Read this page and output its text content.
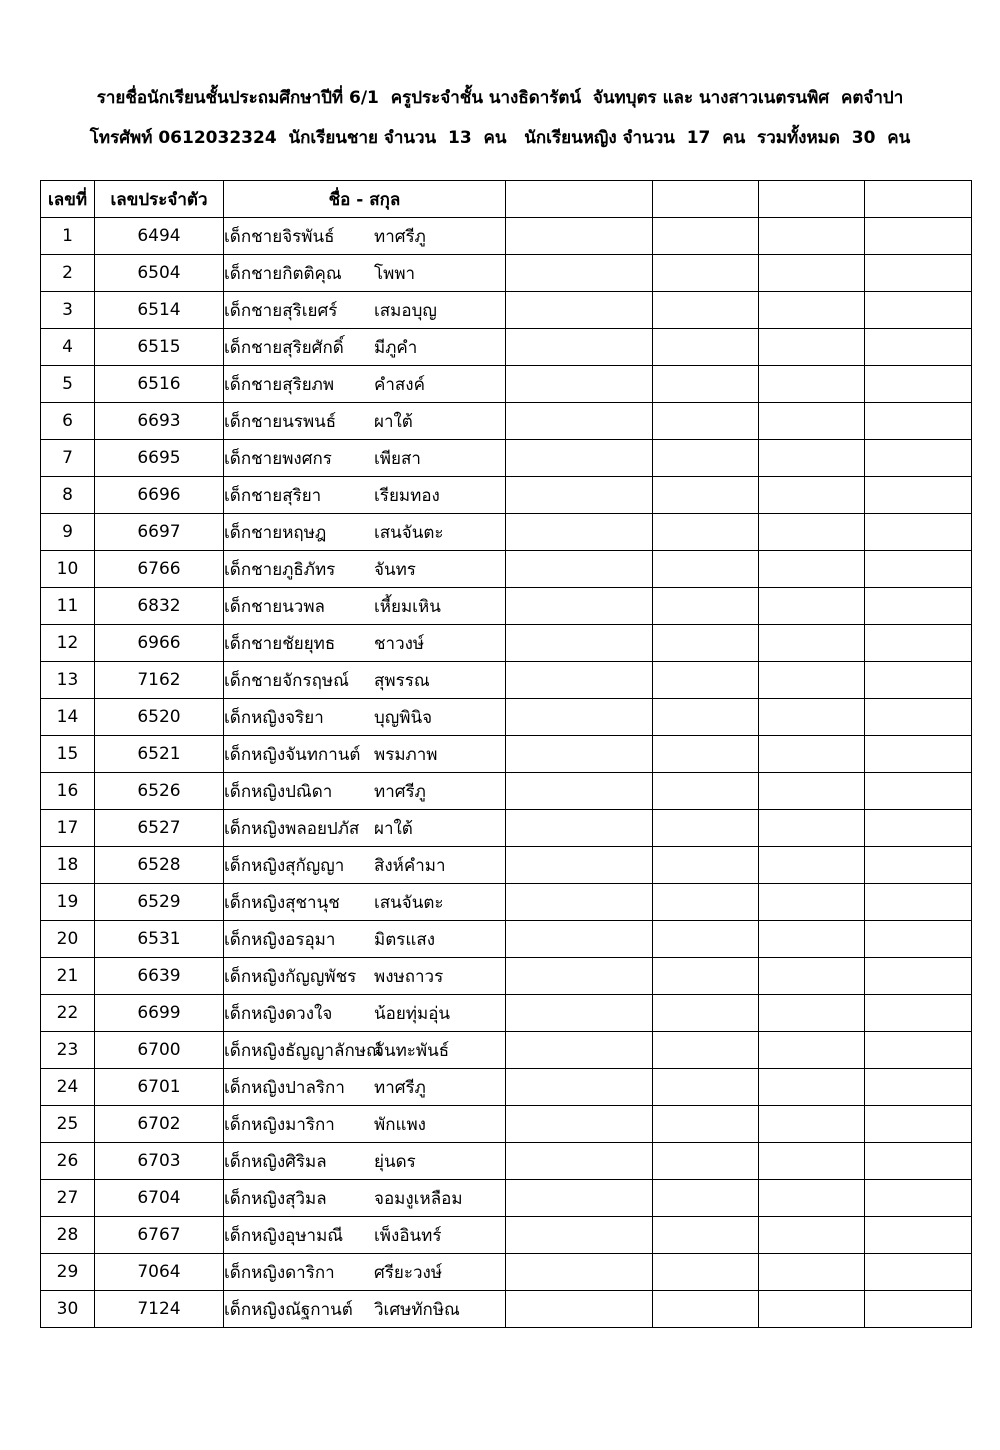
รายชื่อนักเรียนชั้นประถมศึกษาปีที่ 6/1  ครูประจำชั้น นางธิดารัตน์  จันทบุตร และ นางสาวเนตรนพิศ  คตจำปา
โทรศัพท์ 0612032324  นักเรียนชาย จำนวน  13  คน   นักเรียนหญิง จำนวน  17  คน  รวมทั้งหมด  30  คน
เลขที่	เลขประจำตัว	ชื่อ - สกุล				
1	6494	เด็กชายจิรพันธ์ ทาศรีภู				
2	6504	เด็กชายกิตติคุณ โพพา				
3	6514	เด็กชายสุริเยศร์ เสมอบุญ				
4	6515	เด็กชายสุริยศักดิ์ มีภูคำ				
5	6516	เด็กชายสุริยภพ คำสงค์				
6	6693	เด็กชายนรพนธ์ ผาใต้				
7	6695	เด็กชายพงศกร เพียสา				
8	6696	เด็กชายสุริยา เรียมทอง				
9	6697	เด็กชายหฤษฎ เสนจันตะ				
10	6766	เด็กชายภูธิภัทร จันทร				
11	6832	เด็กชายนวพล เหี้ยมเหิน				
12	6966	เด็กชายชัยยุทธ ชาวงษ์				
13	7162	เด็กชายจักรฤษณ์ สุพรรณ				
14	6520	เด็กหญิงจริยา บุญพินิจ				
15	6521	เด็กหญิงจันทกานต์ พรมภาพ				
16	6526	เด็กหญิงปณิดา ทาศรีภู				
17	6527	เด็กหญิงพลอยปภัส ผาใต้				
18	6528	เด็กหญิงสุกัญญา สิงห์คำมา				
19	6529	เด็กหญิงสุชานุช เสนจันตะ				
20	6531	เด็กหญิงอรอุมา มิตรแสง				
21	6639	เด็กหญิงกัญญพัชร พงษถาวร				
22	6699	เด็กหญิงดวงใจ น้อยทุ่มอุ่น				
23	6700	เด็กหญิงธัญญาลักษณ์จันทะพันธ์				
24	6701	เด็กหญิงปาลริกา ทาศรีภู				
25	6702	เด็กหญิงมาริกา พักแพง				
26	6703	เด็กหญิงศิริมล ยุ่นดร				
27	6704	เด็กหญิงสุวิมล จอมงูเหลือม				
28	6767	เด็กหญิงอุษามณี เพ็งอินทร์				
29	7064	เด็กหญิงดาริกา ศรียะวงษ์				
30	7124	เด็กหญิงณัฐกานต์ วิเศษทักษิณ				
